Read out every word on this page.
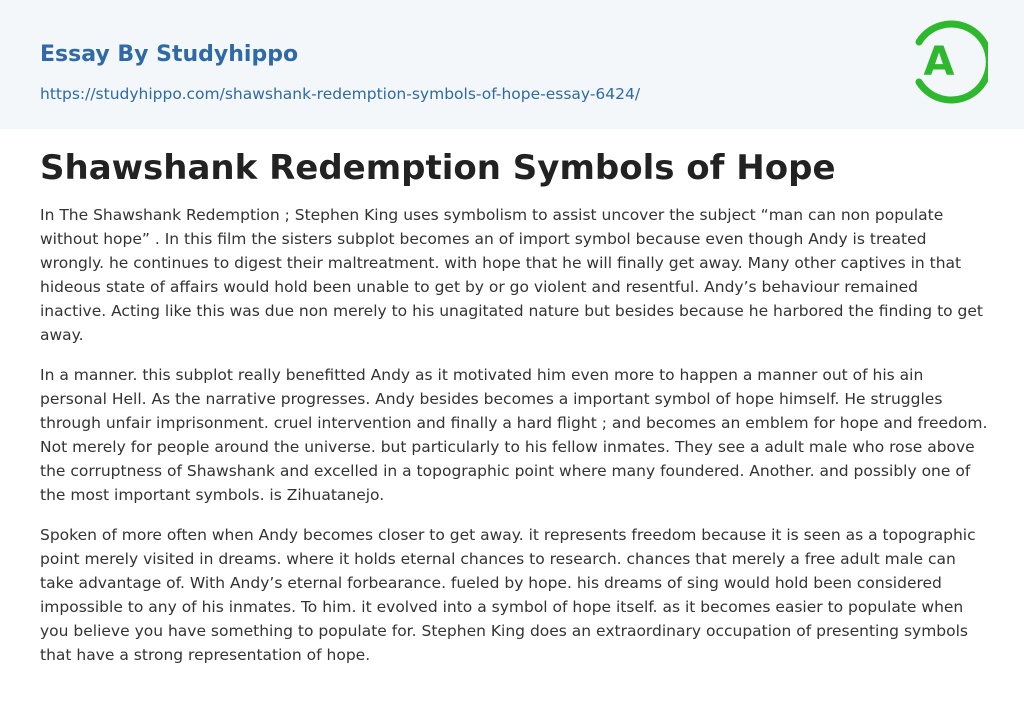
Essay By Studyhippo
https://studyhippo.com/shawshank-redemption-symbols-of-hope-essay-6424/
A
Shawshank Redemption Symbols of Hope

In The Shawshank Redemption ; Stephen King uses symbolism to assist uncover the subject “man can non populate without hope” . In this film the sisters subplot becomes an of import symbol because even though Andy is treated wrongly. he continues to digest their maltreatment. with hope that he will finally get away. Many other captives in that hideous state of affairs would hold been unable to get by or go violent and resentful. Andy’s behaviour remained inactive. Acting like this was due non merely to his unagitated nature but besides because he harbored the finding to get away.

In a manner. this subplot really benefitted Andy as it motivated him even more to happen a manner out of his ain personal Hell. As the narrative progresses. Andy besides becomes a important symbol of hope himself. He struggles through unfair imprisonment. cruel intervention and finally a hard flight ; and becomes an emblem for hope and freedom. Not merely for people around the universe. but particularly to his fellow inmates. They see a adult male who rose above the corruptness of Shawshank and excelled in a topographic point where many foundered. Another. and possibly one of the most important symbols. is Zihuatanejo.

Spoken of more often when Andy becomes closer to get away. it represents freedom because it is seen as a topographic point merely visited in dreams. where it holds eternal chances to research. chances that merely a free adult male can take advantage of. With Andy’s eternal forbearance. fueled by hope. his dreams of sing would hold been considered impossible to any of his inmates. To him. it evolved into a symbol of hope itself. as it becomes easier to populate when you believe you have something to populate for. Stephen King does an extraordinary occupation of presenting symbols that have a strong representation of hope.
